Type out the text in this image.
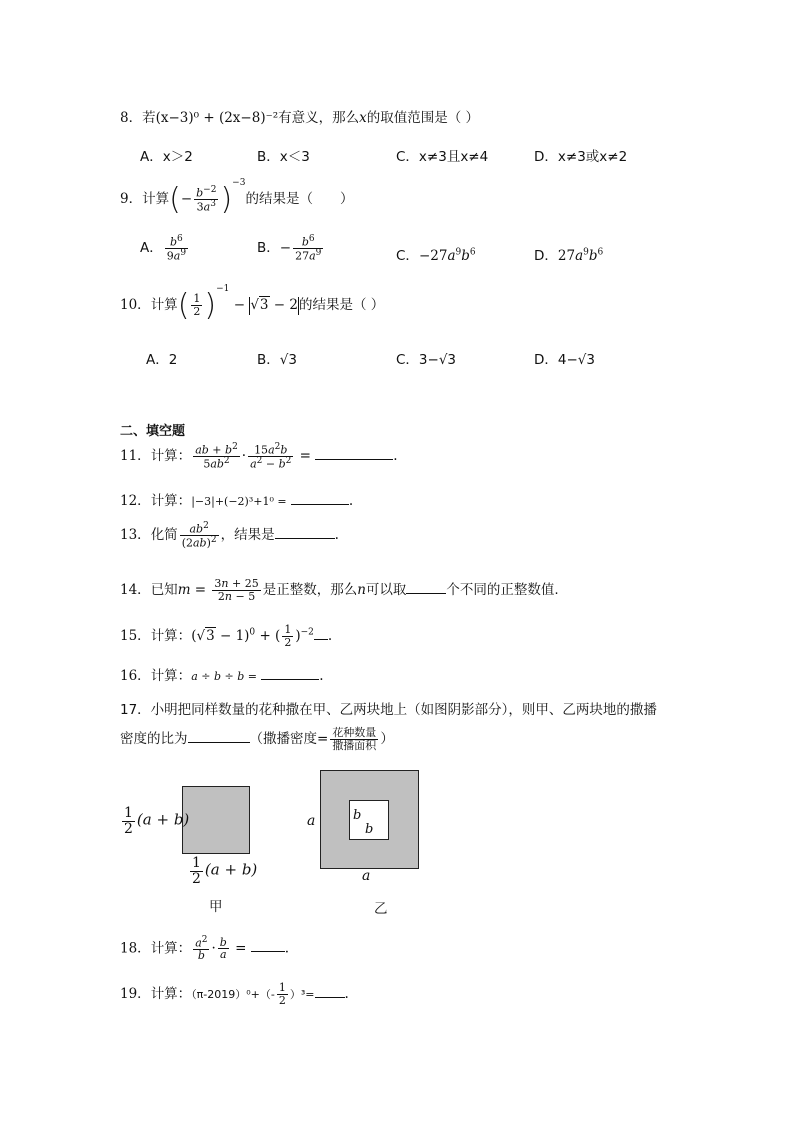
8．若(x−3)⁰ + (2x−8)⁻²有意义，那么x的取值范围是（ ）
A．x＞2	B．x＜3	C．x≠3且x≠4	D．x≠3或x≠2
9．计算(− $\frac{b^{-2}}{3a^3} )^{-3}$的结果是（　　）
A． $\frac{b^6}{9a^9}$	B．− $\frac{b^6}{27a^9}$	C．$-27a^9b^6$	D．$27a^9b^6$
10．计算( $\frac{1}{2} )^{-1} - √3 - 2$的结果是（ ）
A．2	B．√3	C．3−√3	D．4−√3
二、填空题
11．计算： $\frac{ab + b^2}{5ab^2} \cdot \frac{15a^2b}{a^2 - b^2}$ =	.
12．计算：|−3|+(−2)³+1⁰ =	.
13．化简 $\frac{ab^2}{(2ab)^2}$ ，结果是	.
14．已知$m = \frac{3n + 25}{2n - 5}$ 是正整数，那么n可以取	个不同的正整数值.
15．计算：$(√3 - 1)^0$ + ( $\frac{1}{2} )^{-2}$ .
16．计算：a ÷ b ÷ b =	.
17．小明把同样数量的花种撒在甲、乙两块地上（如图阴影部分），则甲、乙两块地的撒播
密度的比为	（撒播密度= $\frac{\text{花种数量}}{\text{撒播面积}}$ ）
$\frac{1}{2} (a + b)$
$\frac{1}{2} (a + b)$
甲
a
a
b
b
乙
18．计算： $\frac{a^2}{b} \cdot \frac{b}{a}$ =	.
19．计算：$(\pi-2019)^0+(- \frac{1}{2} )^3=$ .
